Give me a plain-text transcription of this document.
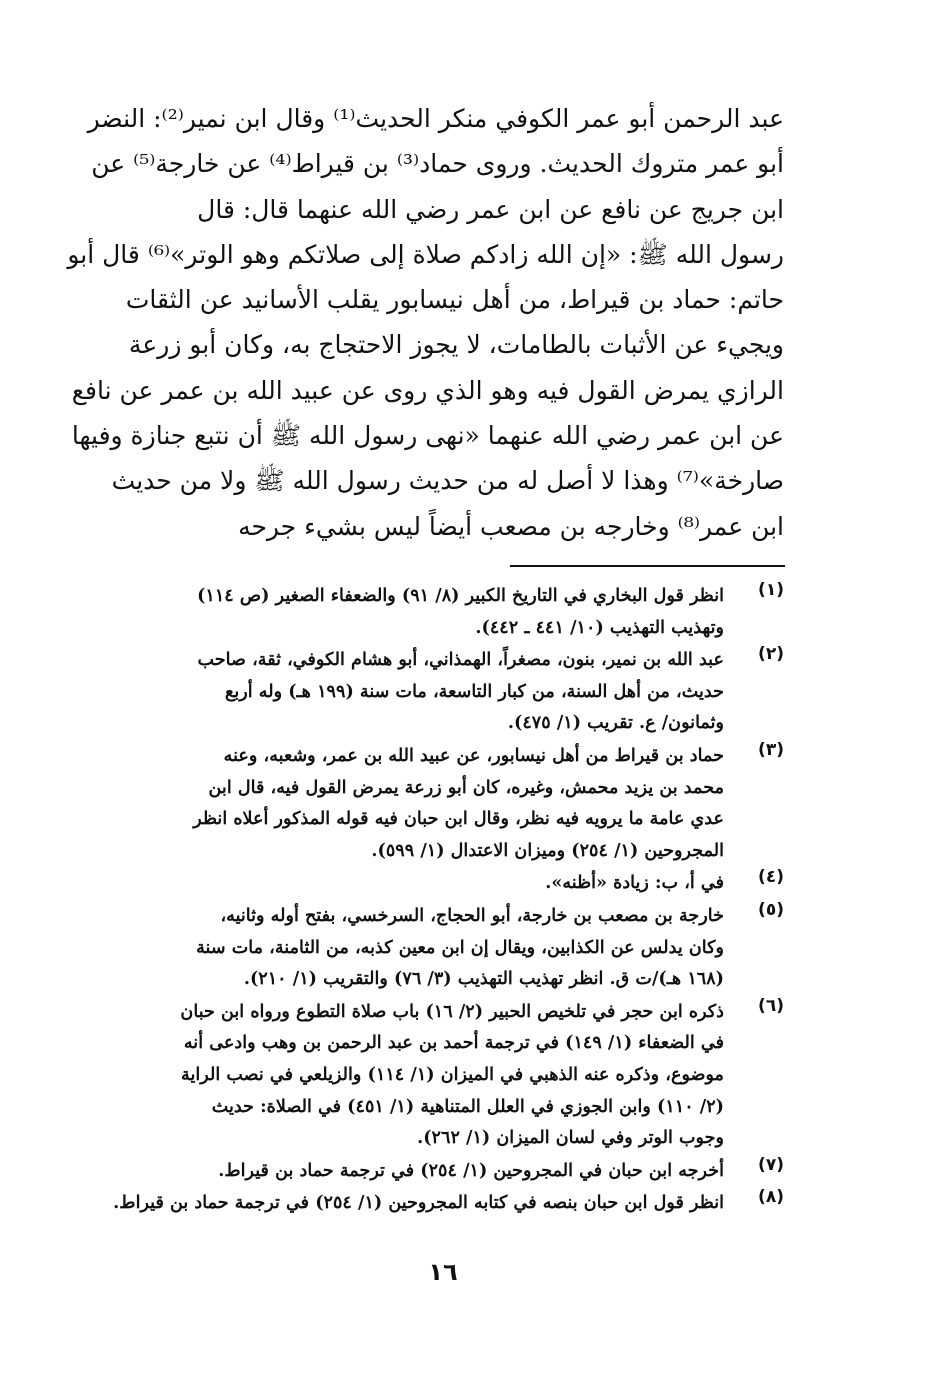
عبد الرحمن أبو عمر الكوفي منكر الحديث⁽¹⁾ وقال ابن نمير⁽²⁾: النضر
أبو عمر متروك الحديث. وروى حماد⁽³⁾ بن قيراط⁽⁴⁾ عن خارجة⁽⁵⁾ عن
ابن جريج عن نافع عن ابن عمر رضي الله عنهما قال: قال
رسول الله ﷺ: «إن الله زادكم صلاة إلى صلاتكم وهو الوتر»⁽⁶⁾ قال أبو
حاتم: حماد بن قيراط، من أهل نيسابور يقلب الأسانيد عن الثقات
ويجيء عن الأثبات بالطامات، لا يجوز الاحتجاج به، وكان أبو زرعة
الرازي يمرض القول فيه وهو الذي روى عن عبيد الله بن عمر عن نافع
عن ابن عمر رضي الله عنهما «نهى رسول الله ﷺ أن نتبع جنازة وفيها
صارخة»⁽⁷⁾ وهذا لا أصل له من حديث رسول الله ﷺ ولا من حديث
ابن عمر⁽⁸⁾ وخارجه بن مصعب أيضاً ليس بشيء جرحه
(١)
انظر قول البخاري في التاريخ الكبير (٨/ ٩١) والضعفاء الصغير (ص ١١٤)
وتهذيب التهذيب (١٠/ ٤٤١ ـ ٤٤٢).
(٢)
عبد الله بن نمير، بنون، مصغراً، الهمذاني، أبو هشام الكوفي، ثقة، صاحب
حديث، من أهل السنة، من كبار التاسعة، مات سنة (١٩٩ هـ) وله أربع
وثمانون/ ع. تقريب (١/ ٤٧٥).
(٣)
حماد بن قيراط من أهل نيسابور، عن عبيد الله بن عمر، وشعبه، وعنه
محمد بن يزيد محمش، وغيره، كان أبو زرعة يمرض القول فيه، قال ابن
عدي عامة ما يرويه فيه نظر، وقال ابن حبان فيه قوله المذكور أعلاه انظر
المجروحين (١/ ٢٥٤) وميزان الاعتدال (١/ ٥٩٩).
(٤)
في أ، ب: زيادة «أظنه».
(٥)
خارجة بن مصعب بن خارجة، أبو الحجاج، السرخسي، بفتح أوله وثانيه،
وكان يدلس عن الكذابين، ويقال إن ابن معين كذبه، من الثامنة، مات سنة
(١٦٨ هـ)/ت ق. انظر تهذيب التهذيب (٣/ ٧٦) والتقريب (١/ ٢١٠).
(٦)
ذكره ابن حجر في تلخيص الحبير (٢/ ١٦) باب صلاة التطوع ورواه ابن حبان
في الضعفاء (١/ ١٤٩) في ترجمة أحمد بن عبد الرحمن بن وهب وادعى أنه
موضوع، وذكره عنه الذهبي في الميزان (١/ ١١٤) والزيلعي في نصب الراية
(٢/ ١١٠) وابن الجوزي في العلل المتناهية (١/ ٤٥١) في الصلاة: حديث
وجوب الوتر وفي لسان الميزان (١/ ٢٦٢).
(٧)
أخرجه ابن حبان في المجروحين (١/ ٢٥٤) في ترجمة حماد بن قيراط.
(٨)
انظر قول ابن حبان بنصه في كتابه المجروحين (١/ ٢٥٤) في ترجمة حماد بن قيراط.
١٦
